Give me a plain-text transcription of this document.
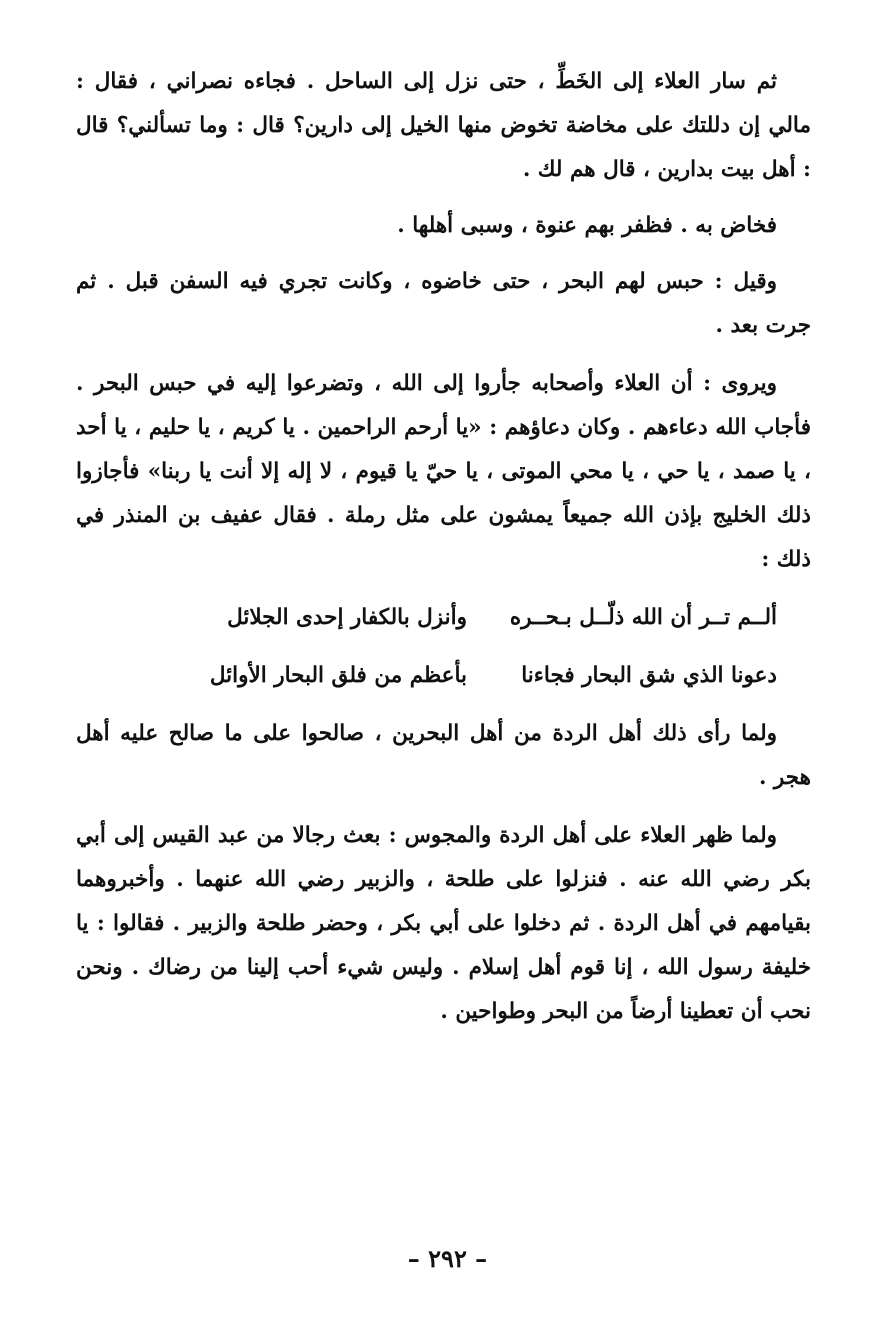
ثم سار العلاء إلى الخَطِّ ، حتى نزل إلى الساحل . فجاءه نصراني ، فقال : مالي إن دللتك على مخاضة تخوض منها الخيل إلى دارين؟ قال : وما تسألني؟ قال : أهل بيت بدارين ، قال هم لك .

فخاض به . فظفر بهم عنوة ، وسبى أهلها .

وقيل : حبس لهم البحر ، حتى خاضوه ، وكانت تجري فيه السفن قبل . ثم جرت بعد .

ويروى : أن العلاء وأصحابه جأروا إلى الله ، وتضرعوا إليه في حبس البحر . فأجاب الله دعاءهم . وكان دعاؤهم : «يا أرحم الراحمين . يا كريم ، يا حليم ، يا أحد ، يا صمد ، يا حي ، يا محي الموتى ، يا حيّ يا قيوم ، لا إله إلا أنت يا ربنا» فأجازوا ذلك الخليج بإذن الله جميعاً يمشون على مثل رملة . فقال عفيف بن المنذر في ذلك :

ألــم تــر أن الله ذلّــل بـحــره
وأنزل بالكفار إحدى الجلائل
دعونا الذي شق البحار فجاءنا
بأعظم من فلق البحار الأوائل

ولما رأى ذلك أهل الردة من أهل البحرين ، صالحوا على ما صالح عليه أهل هجر .

ولما ظهر العلاء على أهل الردة والمجوس : بعث رجالا من عبد القيس إلى أبي بكر رضي الله عنه . فنزلوا على طلحة ، والزبير رضي الله عنهما . وأخبروهما بقيامهم في أهل الردة . ثم دخلوا على أبي بكر ، وحضر طلحة والزبير . فقالوا : يا خليفة رسول الله ، إنا قوم أهل إسلام . وليس شيء أحب إلينا من رضاك . ونحن نحب أن تعطينا أرضاً من البحر وطواحين .

– ٢٩٢ –
